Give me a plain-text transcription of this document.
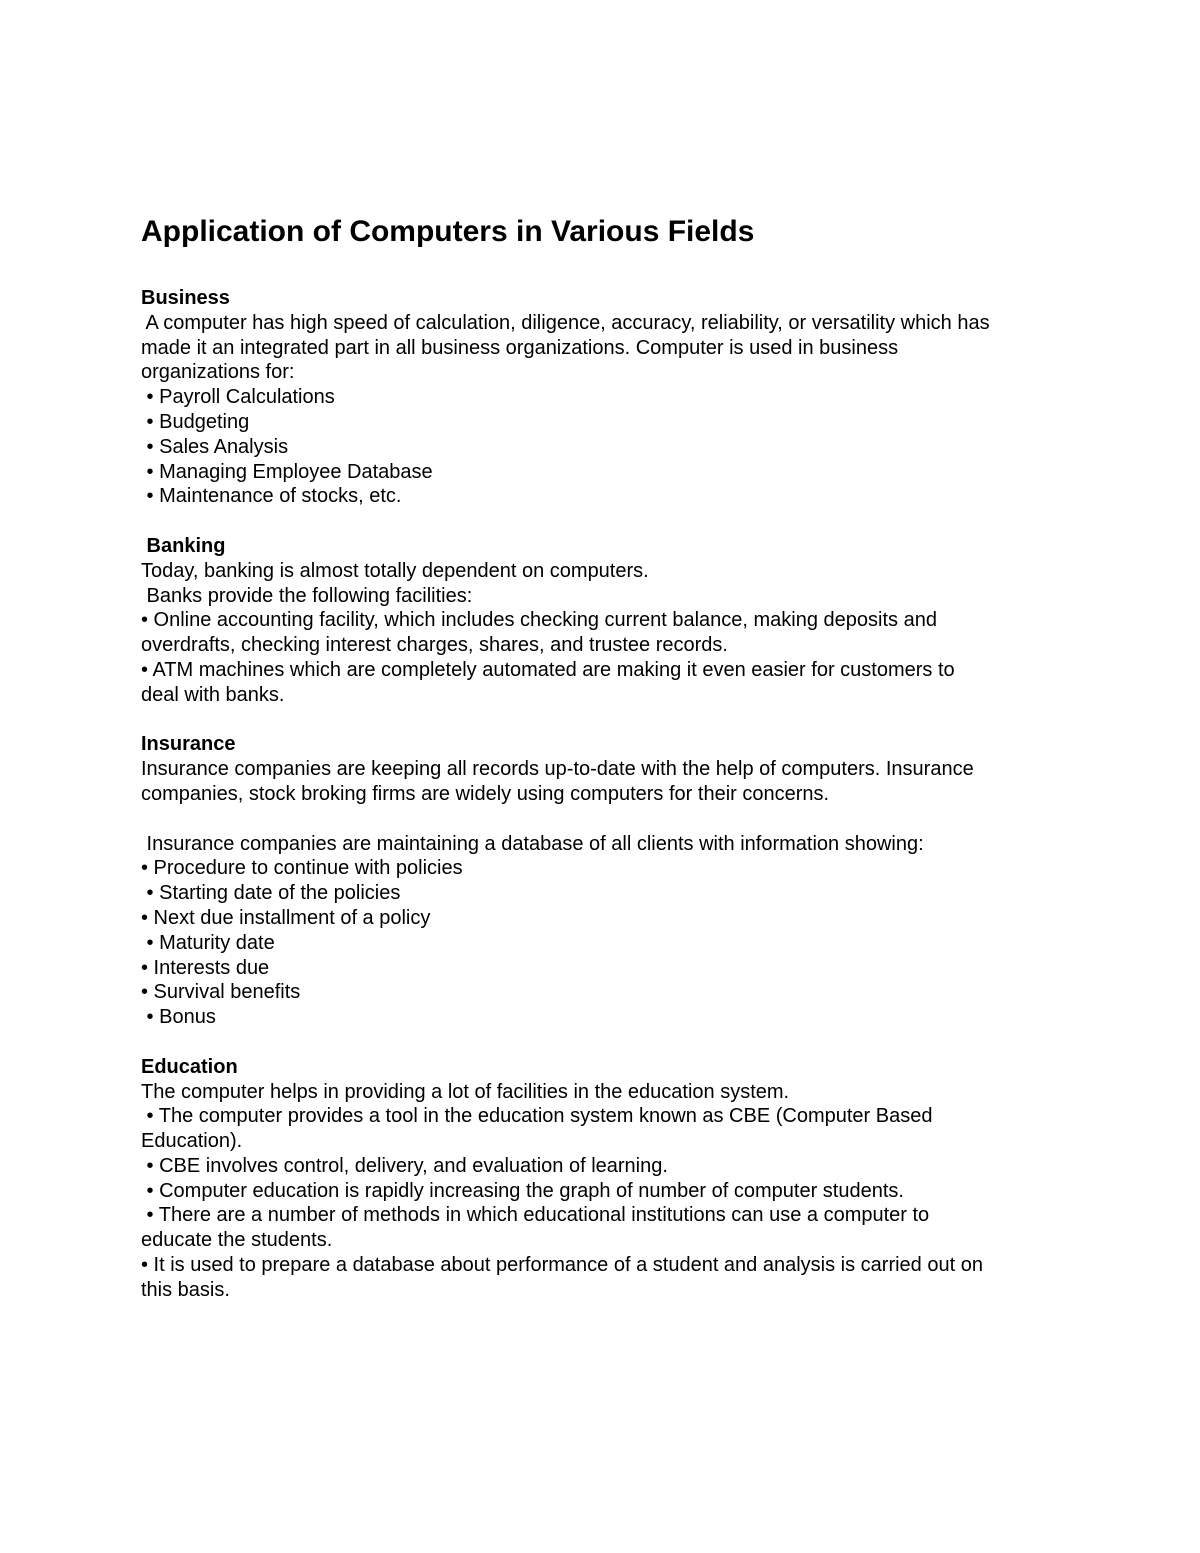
Application of Computers in Various Fields

Business

A computer has high speed of calculation, diligence, accuracy, reliability, or versatility which has

made it an integrated part in all business organizations. Computer is used in business

organizations for:

• Payroll Calculations

• Budgeting

• Sales Analysis

• Managing Employee Database

• Maintenance of stocks, etc.

Banking

Today, banking is almost totally dependent on computers.

Banks provide the following facilities:

• Online accounting facility, which includes checking current balance, making deposits and

overdrafts, checking interest charges, shares, and trustee records.

• ATM machines which are completely automated are making it even easier for customers to

deal with banks.

Insurance

Insurance companies are keeping all records up-to-date with the help of computers. Insurance

companies, stock broking firms are widely using computers for their concerns.

Insurance companies are maintaining a database of all clients with information showing:

• Procedure to continue with policies

• Starting date of the policies

• Next due installment of a policy

• Maturity date

• Interests due

• Survival benefits

• Bonus

Education

The computer helps in providing a lot of facilities in the education system.

• The computer provides a tool in the education system known as CBE (Computer Based

Education).

• CBE involves control, delivery, and evaluation of learning.

• Computer education is rapidly increasing the graph of number of computer students.

• There are a number of methods in which educational institutions can use a computer to

educate the students.

• It is used to prepare a database about performance of a student and analysis is carried out on

this basis.
